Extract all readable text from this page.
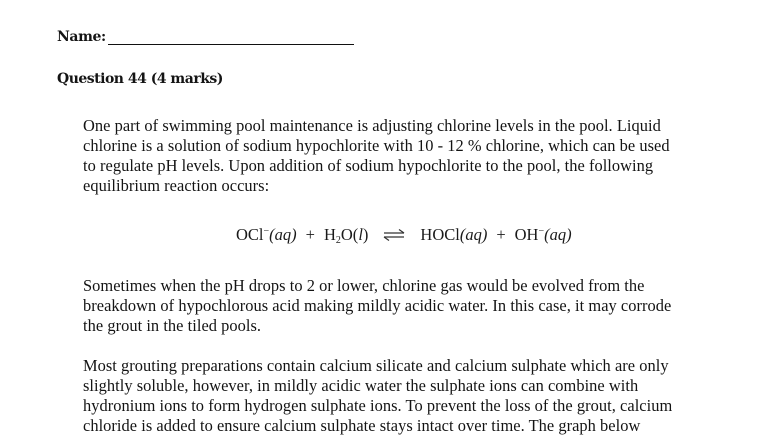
Name:
Question 44 (4 marks)
One part of swimming pool maintenance is adjusting chlorine levels in the pool. Liquid
chlorine is a solution of sodium hypochlorite with 10 - 12 % chlorine, which can be used
to regulate pH levels. Upon addition of sodium hypochlorite to the pool, the following
equilibrium reaction occurs:
$OCl^-(aq) + H_2O(l)$ ⇌ HOCl(aq) + OH−(aq)
Sometimes when the pH drops to 2 or lower, chlorine gas would be evolved from the
breakdown of hypochlorous acid making mildly acidic water. In this case, it may corrode
the grout in the tiled pools.
Most grouting preparations contain calcium silicate and calcium sulphate which are only
slightly soluble, however, in mildly acidic water the sulphate ions can combine with
hydronium ions to form hydrogen sulphate ions. To prevent the loss of the grout, calcium
chloride is added to ensure calcium sulphate stays intact over time. The graph below
